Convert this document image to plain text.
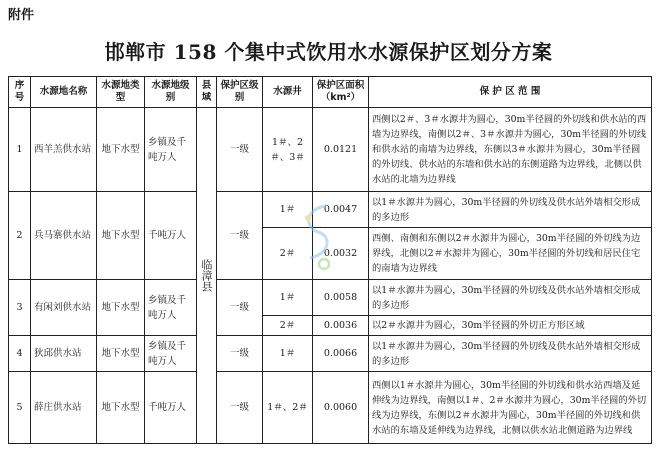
附件
邯郸市 158 个集中式饮用水水源保护区划分方案
序号	水源地名称	水源地类型	水源地级别	县域	保护区级别	水源井	保护区面积（km²）	保 护 区 范 围
1	西羊羔供水站	地下水型	乡镇及千吨万人	临漳县	一级	1＃、2＃、3＃	0.0121	西侧以2＃、3＃水源井为圆心，30m半径圆的外切线和供水站的西墙为边界线，南侧以2＃、3＃水源井为圆心，30m半径圆的外切线和供水站的南墙为边界线，东侧以3＃水源井为圆心，30m半径圆的外切线、供水站的东墙和供水站的东侧道路为边界线，北侧以供水站的北墙为边界线
2	兵马寨供水站	地下水型	千吨万人		一级	1＃	0.0047	以1＃水源井为圆心，30m半径圆的外切线及供水站外墙相交形成的多边形
						2＃	0.0032	西侧、南侧和东侧以2＃水源井为圆心，30m半径圆的外切线为边界线，北侧以2＃水源井为圆心，30m半径圆的外切线和居民住宅的南墙为边界线
3	有闲刘供水站	地下水型	乡镇及千吨万人		一级	1＃	0.0058	以1＃水源井为圆心，30m半径圆的外切线及供水站外墙相交形成的多边形
						2＃	0.0036	以2＃水源井为圆心，30m半径圆的外切正方形区域
4	狄邱供水站	地下水型	乡镇及千吨万人		一级	1＃	0.0066	以1＃水源井为圆心，30m半径圆的外切线及供水站外墙相交形成的多边形
5	薛庄供水站	地下水型	千吨万人		一级	1＃、2＃	0.0060	西侧以1＃水源井为圆心，30m半径圆的外切线和供水站西墙及延伸线为边界线，南侧以1＃、2＃水源井为圆心，30m半径圆的外切线为边界线，东侧以2＃水源井为圆心，30m半径圆的外切线和供水站的东墙及延伸线为边界线，北侧以供水站北侧道路为边界线
